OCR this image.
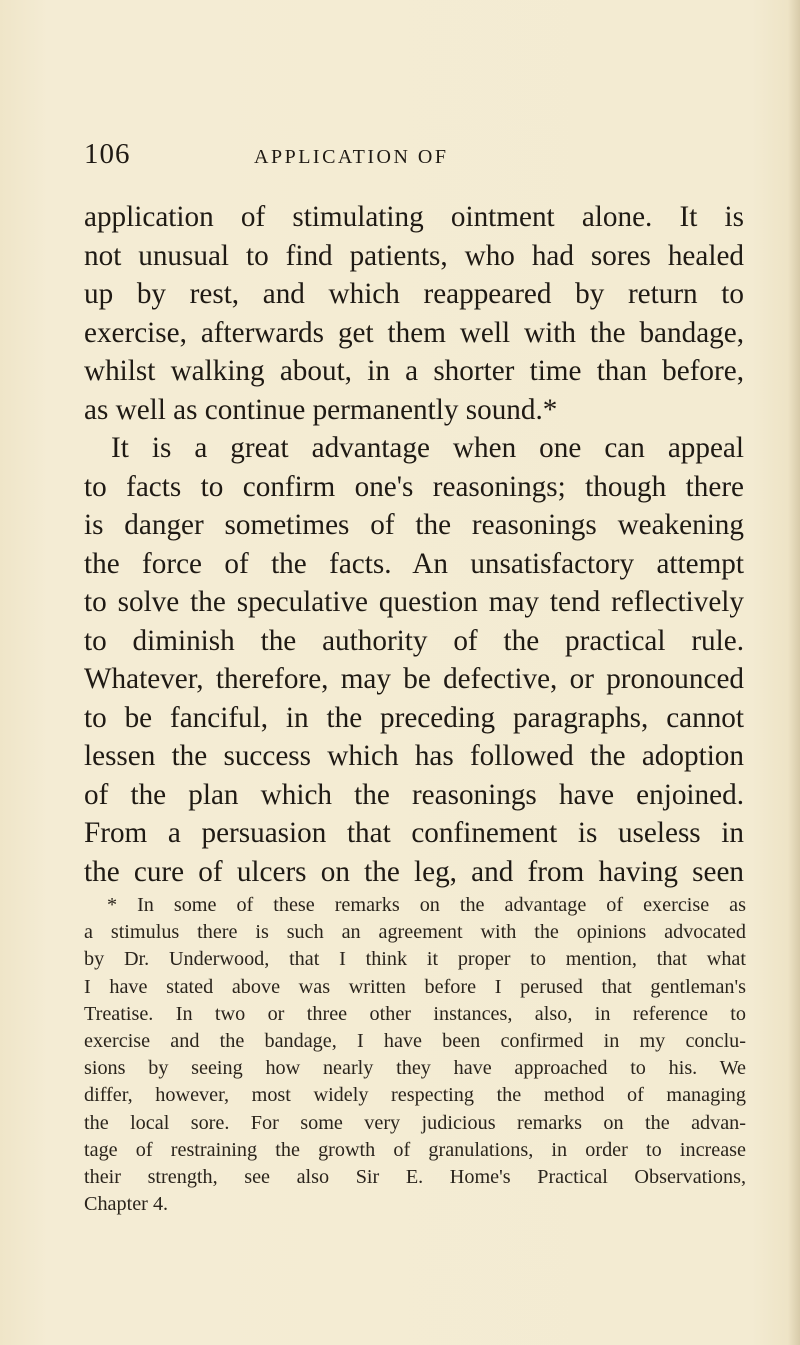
106	APPLICATION OF
application of stimulating ointment alone. It is
not unusual to find patients, who had sores healed
up by rest, and which reappeared by return to
exercise, afterwards get them well with the bandage,
whilst walking about, in a shorter time than before,
as well as continue permanently sound.*
It is a great advantage when one can appeal
to facts to confirm one's reasonings; though there
is danger sometimes of the reasonings weakening
the force of the facts. An unsatisfactory attempt
to solve the speculative question may tend reflectively
to diminish the authority of the practical rule.
Whatever, therefore, may be defective, or pronounced
to be fanciful, in the preceding paragraphs, cannot
lessen the success which has followed the adoption
of the plan which the reasonings have enjoined.
From a persuasion that confinement is useless in
the cure of ulcers on the leg, and from having seen
* In some of these remarks on the advantage of exercise as
a stimulus there is such an agreement with the opinions advocated
by Dr. Underwood, that I think it proper to mention, that what
I have stated above was written before I perused that gentleman's
Treatise. In two or three other instances, also, in reference to
exercise and the bandage, I have been confirmed in my conclu-
sions by seeing how nearly they have approached to his. We
differ, however, most widely respecting the method of managing
the local sore. For some very judicious remarks on the advan-
tage of restraining the growth of granulations, in order to increase
their strength, see also Sir E. Home's Practical Observations,
Chapter 4.
